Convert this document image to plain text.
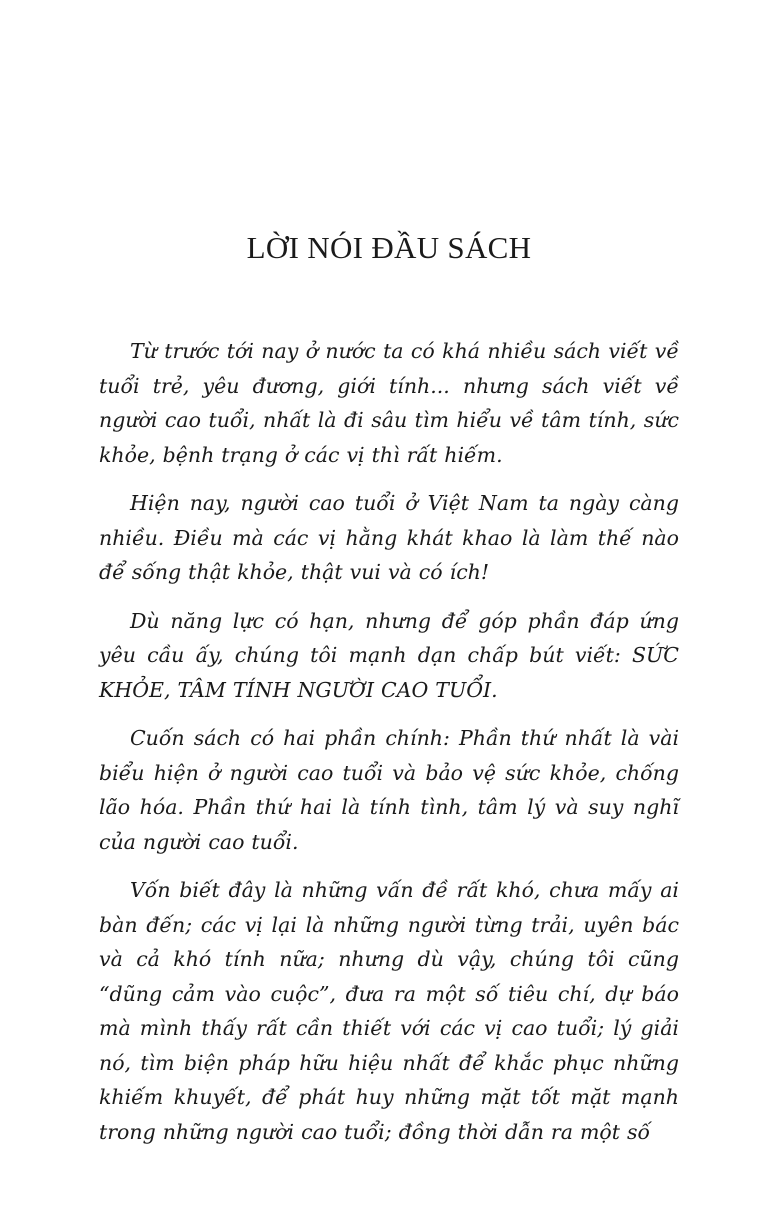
LỜI NÓI ĐẦU SÁCH

Từ trước tới nay ở nước ta có khá nhiều sách viết về tuổi trẻ, yêu đương, giới tính... nhưng sách viết về người cao tuổi, nhất là đi sâu tìm hiểu về tâm tính, sức khỏe, bệnh trạng ở các vị thì rất hiếm.

Hiện nay, người cao tuổi ở Việt Nam ta ngày càng nhiều. Điều mà các vị hằng khát khao là làm thế nào để sống thật khỏe, thật vui và có ích!

Dù năng lực có hạn, nhưng để góp phần đáp ứng yêu cầu ấy, chúng tôi mạnh dạn chấp bút viết: SỨC KHỎE, TÂM TÍNH NGƯỜI CAO TUỔI.

Cuốn sách có hai phần chính: Phần thứ nhất là vài biểu hiện ở người cao tuổi và bảo vệ sức khỏe, chống lão hóa. Phần thứ hai là tính tình, tâm lý và suy nghĩ của người cao tuổi.

Vốn biết đây là những vấn đề rất khó, chưa mấy ai bàn đến; các vị lại là những người từng trải, uyên bác và cả khó tính nữa; nhưng dù vậy, chúng tôi cũng “dũng cảm vào cuộc”, đưa ra một số tiêu chí, dự báo mà mình thấy rất cần thiết với các vị cao tuổi; lý giải nó, tìm biện pháp hữu hiệu nhất để khắc phục những khiếm khuyết, để phát huy những mặt tốt mặt mạnh trong những người cao tuổi; đồng thời dẫn ra một số
